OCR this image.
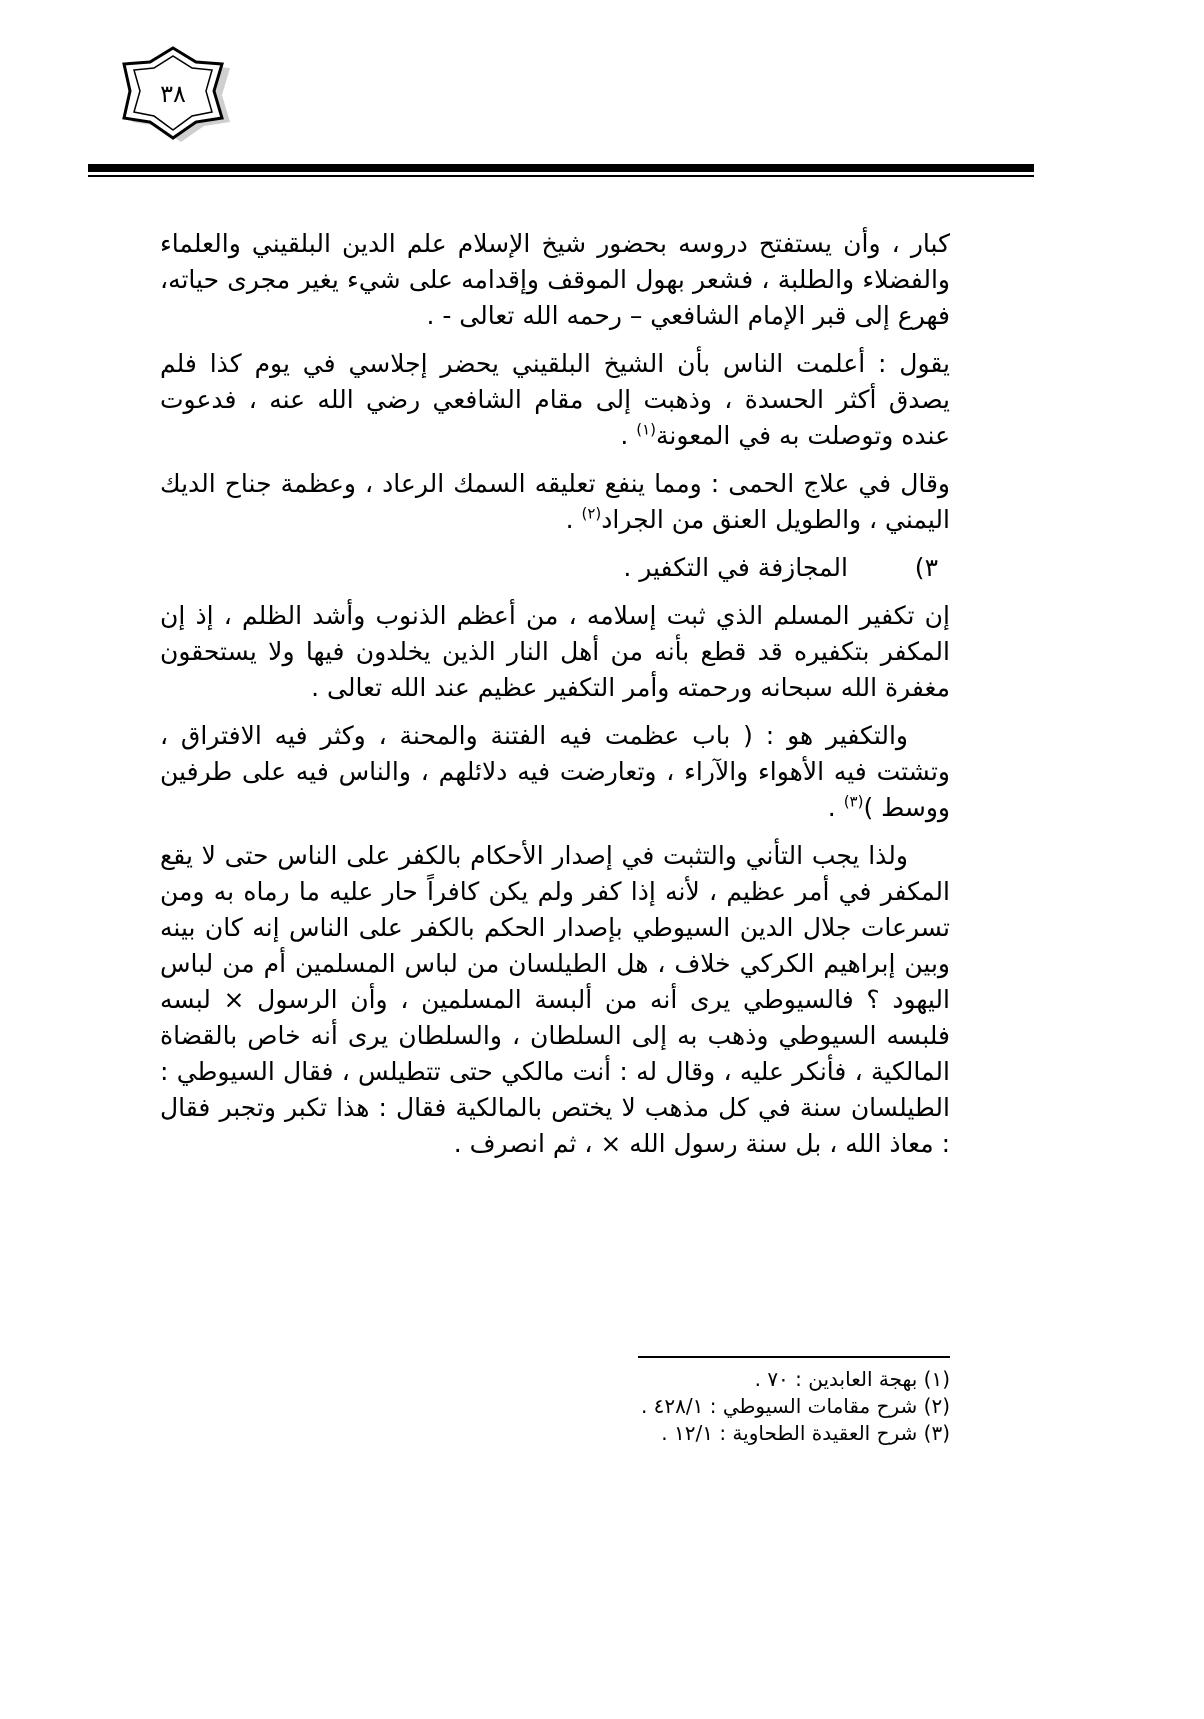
٣٨

كبار ، وأن يستفتح دروسه بحضور شيخ الإسلام علم الدين البلقيني والعلماء والفضلاء والطلبة ، فشعر بهول الموقف وإقدامه على شيء يغير مجرى حياته، فهرع إلى قبر الإمام الشافعي – رحمه الله تعالى - .

يقول : أعلمت الناس بأن الشيخ البلقيني يحضر إجلاسي في يوم كذا فلم يصدق أكثر الحسدة ، وذهبت إلى مقام الشافعي رضي الله عنه ، فدعوت عنده وتوصلت به في المعونة$^{(١)}$ .

وقال في علاج الحمى : ومما ينفع تعليقه السمك الرعاد ، وعظمة جناح الديك اليمني ، والطويل العنق من الجراد$^{(٢)}$ .

٣)
المجازفة في التكفير .

إن تكفير المسلم الذي ثبت إسلامه ، من أعظم الذنوب وأشد الظلم ، إذ إن المكفر بتكفيره قد قطع بأنه من أهل النار الذين يخلدون فيها ولا يستحقون مغفرة الله سبحانه ورحمته وأمر التكفير عظيم عند الله تعالى .

والتكفير هو : ( باب عظمت فيه الفتنة والمحنة ، وكثر فيه الافتراق ، وتشتت فيه الأهواء والآراء ، وتعارضت فيه دلائلهم ، والناس فيه على طرفين ووسط )$^{(٣)}$ .

ولذا يجب التأني والتثبت في إصدار الأحكام بالكفر على الناس حتى لا يقع المكفر في أمر عظيم ، لأنه إذا كفر ولم يكن كافراً حار عليه ما رماه به ومن تسرعات جلال الدين السيوطي بإصدار الحكم بالكفر على الناس إنه كان بينه وبين إبراهيم الكركي خلاف ، هل الطيلسان من لباس المسلمين أم من لباس اليهود ؟ فالسيوطي يرى أنه من ألبسة المسلمين ، وأن الرسول × لبسه فلبسه السيوطي وذهب به إلى السلطان ، والسلطان يرى أنه خاص بالقضاة المالكية ، فأنكر عليه ، وقال له : أنت مالكي حتى تتطيلس ، فقال السيوطي : الطيلسان سنة في كل مذهب لا يختص بالمالكية فقال : هذا تكبر وتجبر فقال : معاذ الله ، بل سنة رسول الله × ، ثم انصرف .

(١) بهجة العابدين : ٧٠ .

(٢) شرح مقامات السيوطي : ٤٢٨/١ .

(٣) شرح العقيدة الطحاوية : ١٢/١ .
